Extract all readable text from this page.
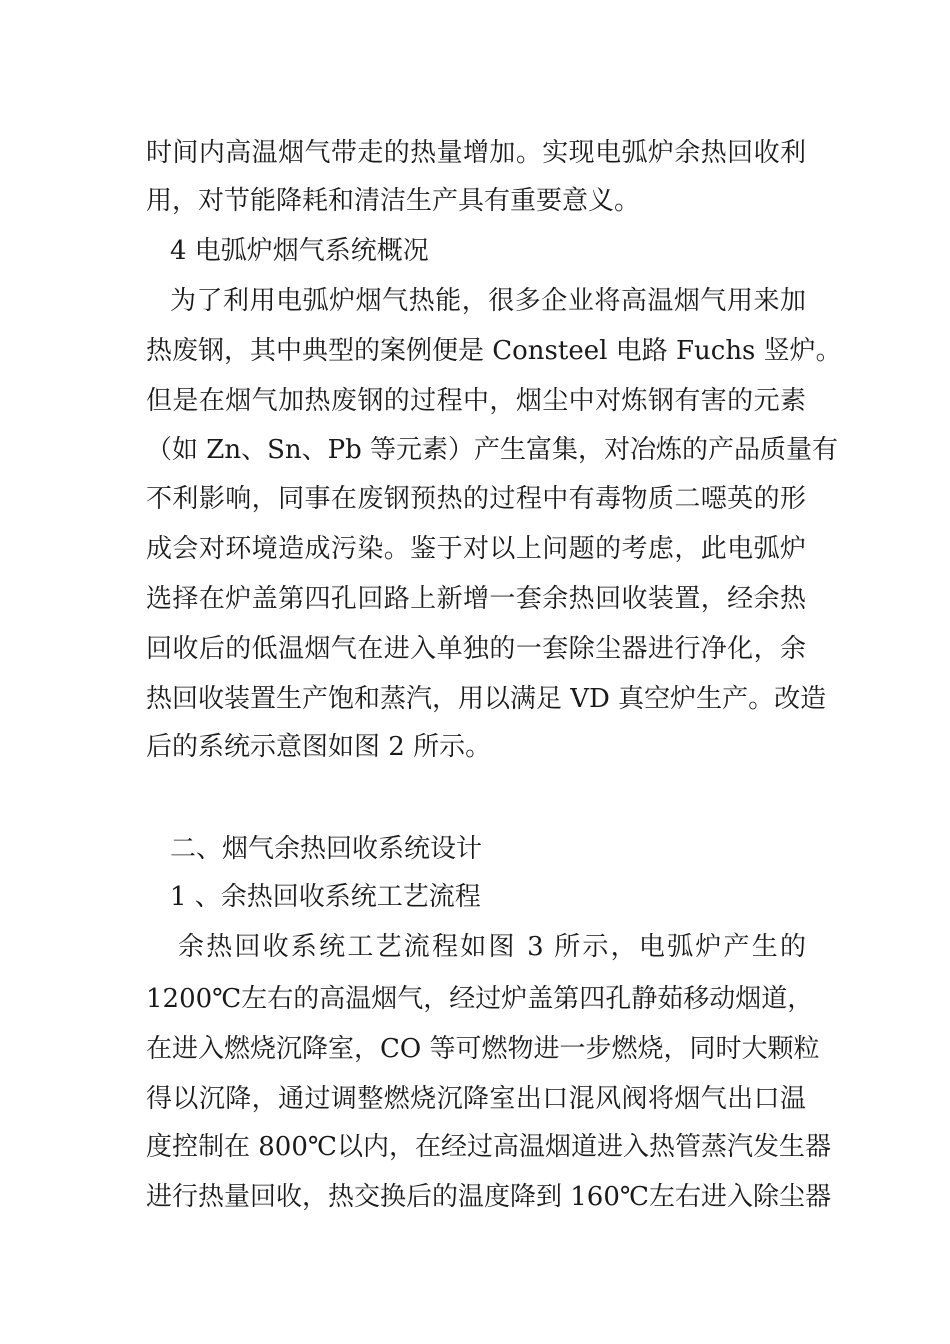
时间内高温烟气带走的热量增加。实现电弧炉余热回收利
用，对节能降耗和清洁生产具有重要意义。
4 电弧炉烟气系统概况
为了利用电弧炉烟气热能，很多企业将高温烟气用来加
热废钢，其中典型的案例便是 Consteel 电路 Fuchs 竖炉。
但是在烟气加热废钢的过程中，烟尘中对炼钢有害的元素
（如 Zn、Sn、Pb 等元素）产生富集，对冶炼的产品质量有
不利影响，同事在废钢预热的过程中有毒物质二噁英的形
成会对环境造成污染。鉴于对以上问题的考虑，此电弧炉
选择在炉盖第四孔回路上新增一套余热回收装置，经余热
回收后的低温烟气在进入单独的一套除尘器进行净化，余
热回收装置生产饱和蒸汽，用以满足 VD 真空炉生产。改造
后的系统示意图如图 2 所示。
二、烟气余热回收系统设计
1 、余热回收系统工艺流程
余热回收系统工艺流程如图 3 所示，电弧炉产生的
1200℃左右的高温烟气，经过炉盖第四孔静茹移动烟道，
在进入燃烧沉降室，CO 等可燃物进一步燃烧，同时大颗粒
得以沉降，通过调整燃烧沉降室出口混风阀将烟气出口温
度控制在 800℃以内，在经过高温烟道进入热管蒸汽发生器
进行热量回收，热交换后的温度降到 160℃左右进入除尘器
